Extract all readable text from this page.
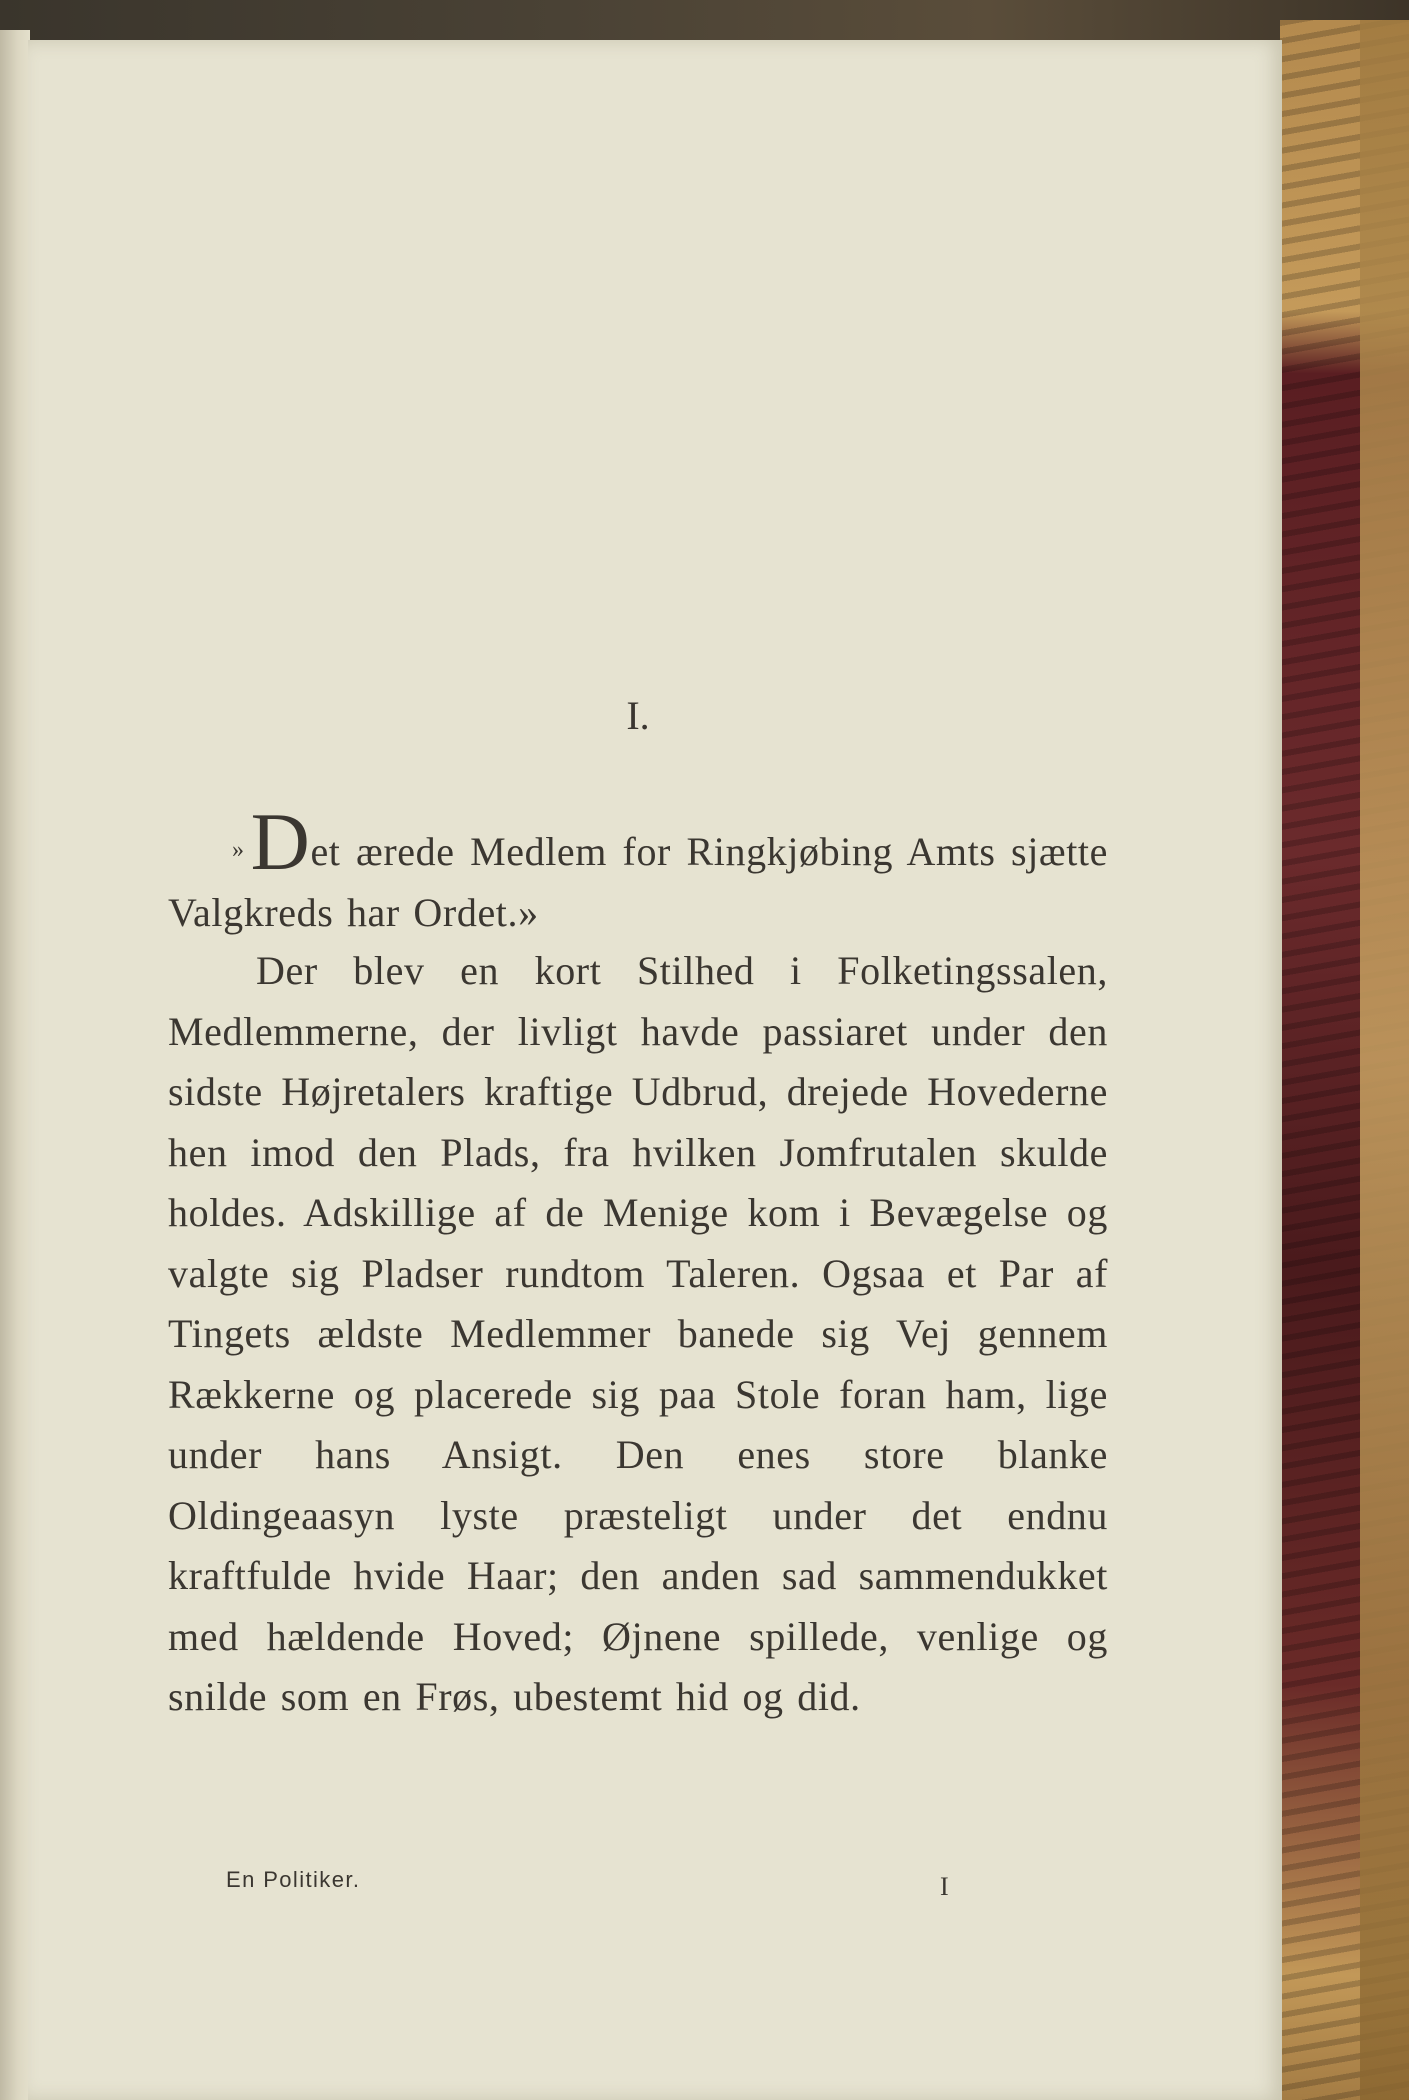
I.
»Det ærede Medlem for Ringkjøbing Amts sjætte Valgkreds har Ordet.»
Der blev en kort Stilhed i Folketingssalen, Medlemmerne, der livligt havde passiaret under den sidste Højretalers kraftige Udbrud, drejede Hovederne hen imod den Plads, fra hvilken Jomfrutalen skulde holdes. Adskillige af de Menige kom i Bevægelse og valgte sig Pladser rundtom Taleren. Ogsaa et Par af Tingets ældste Medlemmer banede sig Vej gennem Rækkerne og placerede sig paa Stole foran ham, lige under hans Ansigt. Den enes store blanke Oldingeaasyn lyste præsteligt under det endnu kraftfulde hvide Haar; den anden sad sammendukket med hældende Hoved; Øjnene spillede, venlige og snilde som en Frøs, ubestemt hid og did.
En Politiker.	I
